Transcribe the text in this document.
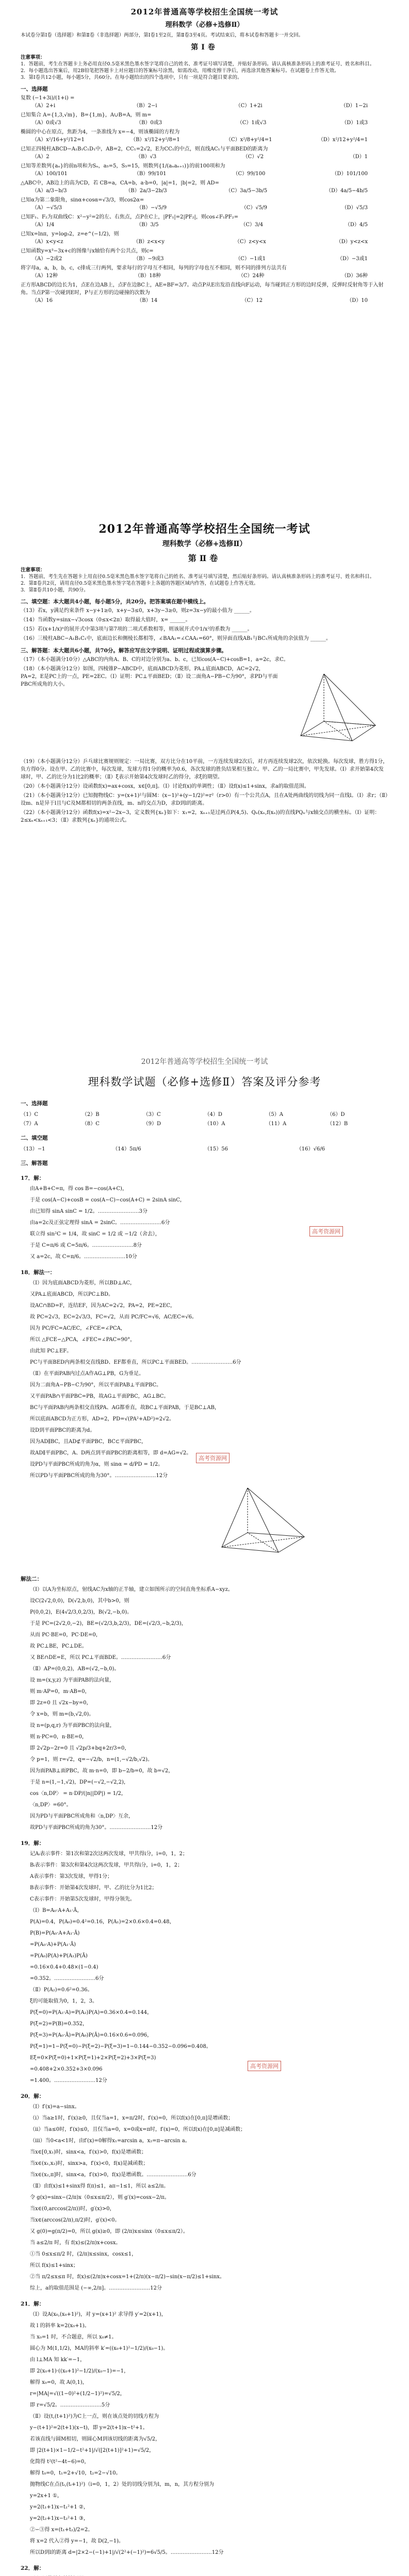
2012年普通高等学校招生全国统一考试
理科数学（必修+选修Ⅱ）
本试卷分第Ⅰ卷（选择题）和第Ⅱ卷（非选择题）两部分，第Ⅰ卷1至2页，第Ⅱ卷3至4页。考试结束后，将本试卷和答题卡一并交回。
第Ⅰ卷
注意事项：
1．答题前，考生在答题卡上务必用直径0.5毫米黑色墨水签字笔将自己的姓名、准考证号填写清楚，并贴好条形码。请认真核准条形码上的准考证号、姓名和科目。
2．每小题选出答案后，用2B铅笔把答题卡上对应题目的答案标号涂黑，如需改动，用橡皮擦干净后，再选涂其他答案标号。在试题卷上作答无效。
3．第Ⅰ卷共12小题，每小题5分，共60分。在每小题给出的四个选项中，只有一项是符合题目要求的。
一、选择题
复数 (−1+3i)/(1+i) =
（A）2+i	（B）2−i	（C）1+2i	（D）1−2i
已知集合 A={1,3,√m}，B={1,m}，A∪B=A，则 m=
（A）0或√3	（B）0或3	（C）1或√3	（D）1或3
椭圆的中心在原点，焦距为4，一条准线为 x=−4，则该椭圆的方程为
（A）x²/16+y²/12=1	（B）x²/12+y²/8=1	（C）x²/8+y²/4=1	（D）x²/12+y²/4=1
已知正四棱柱ABCD−A₁B₁C₁D₁中，AB=2，CC₁=2√2，E为CC₁的中点，则直线AC₁与平面BED的距离为
（A）2	（B）√3	（C）√2	（D）1
已知等差数列{aₙ}的前n项和为Sₙ，a₅=5，S₅=15，则数列{1/(aₙaₙ₊₁)}的前100项和为
（A）100/101	（B）99/101	（C）99/100	（D）101/100
△ABC中，AB边上的高为CD，若 CB=a，CA=b，a·b=0，|a|=1，|b|=2，则 AD=
（A）a/3−b/3	（B）2a/3−2b/3	（C）3a/5−3b/5	（D）4a/5−4b/5
已知α为第二象限角，sinα+cosα=√3/3，则cos2α=
（A）−√5/3	（B）−√5/9	（C）√5/9	（D）√5/3
已知F₁、F₂为双曲线C：x²−y²=2的左、右焦点，点P在C上，|PF₁|=2|PF₂|，则cos∠F₁PF₂=
（A）1/4	（B）3/5	（C）3/4	（D）4/5
已知x=lnπ，y=log₅2，z=e^(−1/2)，则
（A）x<y<z	（B）z<x<y	（C）z<y<x	（D）y<z<x
已知函数y=x³−3x+c的图像与x轴恰有两个公共点，则c=
（A）−2或2	（B）−9或3	（C）−1或1	（D）−3或1
将字母a，a，b，b，c，c排成三行两列，要求每行的字母互不相同，每列的字母也互不相同，则不同的排列方法共有
（A）12种	（B）18种	（C）24种	（D）36种
正方形ABCD的边长为1，点E在边AB上，点F在边BC上，AE=BF=3/7。动点P从E出发沿直线向F运动，每当碰到正方形的边时反弹，反弹时反射角等于入射角。当点P第一次碰到E时，P与正方形的边碰撞的次数为
（A）16	（B）14	（C）12	（D）10
2012年普通高等学校招生全国统一考试
理科数学（必修+选修Ⅱ）
第Ⅱ卷
注意事项：
1．答题前，考生先在答题卡上用直径0.5毫米黑色墨水签字笔将自己的姓名、准考证号填写清楚，然后贴好条形码。请认真核准条形码上的准考证号、姓名和科目。
2．第Ⅱ卷共2页，请用直径0.5毫米黑色墨水签字笔在答题卡上各题的答题区域内作答，在试题卷上作答无效。
3．第Ⅱ卷共10小题，共90分。
二、填空题：本大题共4小题，每小题5分，共20分。把答案填在题中横线上。
（13）若x，y满足约束条件 x−y+1≥0，x+y−3≤0，x+3y−3≥0，则z=3x−y的最小值为 ______。
（14）当函数y=sinx−√3cosx（0≤x<2π）取得最大值时，x= ______。
（15）若(x+1/x)ⁿ的展开式中第3项与第7项的二项式系数相等，则该展开式中1/x²的系数为 ______。
（16）三棱柱ABC−A₁B₁C₁中，底面边长和侧棱长都相等，∠BAA₁=∠CAA₁=60°，则异面直线AB₁与BC₁所成角的余弦值为 ______。
三、解答题：本大题共6小题，共70分。解答应写出文字说明、证明过程或演算步骤。
（17）（本小题满分10分）△ABC的内角A、B、C的对边分别为a、b、c，已知cos(A−C)+cosB=1，a=2c，求C。
（18）（本小题满分12分）如图，四棱锥P−ABCD中，底面ABCD为菱形，PA⊥底面ABCD，AC=2√2，PA=2，E是PC上的一点，PE=2EC。（Ⅰ）证明：PC⊥平面BED；（Ⅱ）设二面角A−PB−C为90°，求PD与平面PBC所成角的大小。
（19）（本小题满分12分）乒乓球比赛规则规定：一局比赛，双方比分在10平前，一方连续发球2次后，对方再连续发球2次，依次轮换。每次发球，胜方得1分，负方得0分。设在甲、乙的比赛中，每次发球，发球方得1分的概率为0.6，各次发球的胜负结果相互独立。甲、乙的一局比赛中，甲先发球。（Ⅰ）求开始第4次发球时，甲、乙的比分为1比2的概率；（Ⅱ）ξ表示开始第4次发球时乙的得分，求ξ的期望。
（20）（本小题满分12分）设函数f(x)=ax+cosx，x∈[0,π]。（Ⅰ）讨论f(x)的单调性；（Ⅱ）设f(x)≤1+sinx，求a的取值范围。
（21）（本小题满分12分）已知抛物线C：y=(x+1)²与圆M：(x−1)²+(y−1/2)²=r²（r>0）有一个公共点A，且在A处两曲线的切线为同一直线l。（Ⅰ）求r；（Ⅱ）设m、n是异于l且与C及M都相切的两条直线，m、n的交点为D，求D到l的距离。
（22）（本小题满分12分）函数f(x)=x²−2x−3，定义数列{xₙ}如下：x₁=2，xₙ₊₁是过两点P(4,5)、Qₙ(xₙ,f(xₙ))的直线PQₙ与x轴交点的横坐标。（Ⅰ）证明：2≤xₙ<xₙ₊₁<3；（Ⅱ）求数列{xₙ}的通项公式。
2012年普通高等学校招生全国统一考试
理科数学试题（必修+选修Ⅱ）答案及评分参考
一、选择题
（1）C	（2）B	（3）C	（4）D	（5）A	（6）D
（7）A	（8）C	（9）D	（10）A	（11）A	（12）B
二、填空题
（13）−1	（14）5π/6	（15）56	（16）√6/6
三、解答题
17．解：
由A+B+C=π，得 cos B=−cos(A+C)，
于是 cos(A−C)+cosB = cos(A−C)−cos(A+C) = 2sinA sinC，
由已知得 sinA sinC = 1/2。……………………3分
由a=2c及正弦定理得 sinA = 2sinC。……………………6分
联立得 sin²C = 1/4，故 sinC = 1/2 或 −1/2（舍去），
于是 C=π/6 或 C=5π/6。……………………8分
又 a=2c，故 C=π/6。……………………10分
18．解法一：
（Ⅰ）因为底面ABCD为菱形，所以BD⊥AC，
又PA⊥底面ABCD，所以PC⊥BD。
设AC∩BD=F，连结EF，因为AC=2√2，PA=2，PE=2EC，
故 PC=2√3，EC=2√3/3，FC=√2，从而 PC/FC=√6，AC/EC=√6。
因为 PC/FC=AC/EC，∠FCE=∠PCA，
所以 △FCE∽△PCA，∠FEC=∠PAC=90°，
由此知 PC⊥EF。
PC与平面BED内两条相交直线BD、EF都垂直，所以PC⊥平面BED。……………………6分
（Ⅱ）在平面PAB内过点A作AG⊥PB，G为垂足。
因为二面角A−PB−C为90°，所以平面PAB⊥平面PBC。
又平面PAB∩平面PBC=PB，故AG⊥平面PBC，AG⊥BC。
BC与平面PAB内两条相交直线PA、AG都垂直，故BC⊥平面PAB，于是BC⊥AB，
所以底面ABCD为正方形，AD=2，PD=√(PA²+AD²)=2√2。
设D到平面PBC的距离为d。
因为AD∥BC，且AD⊄平面PBC，BC⊂平面PBC，
故AD∥平面PBC，A、D两点到平面PBC的距离相等，即 d=AG=√2。
设PD与平面PBC所成的角为α，则 sinα = d/PD = 1/2。
所以PD与平面PBC所成的角为30°。……………………12分
解法二：
（Ⅰ）以A为坐标原点，射线AC为x轴的正半轴，建立如图所示的空间直角坐标系A−xyz。
设C(2√2,0,0)，D(√2,b,0)，其中b>0，则
P(0,0,2)，E(4√2/3,0,2/3)，B(√2,−b,0)。
于是 PC=(2√2,0,−2)，BE=(√2/3,b,2/3)，DE=(√2/3,−b,2/3)，
从而 PC·BE=0，PC·DE=0，
故 PC⊥BE，PC⊥DE。
又 BE∩DE=E，所以 PC⊥平面BDE。……………………6分
（Ⅱ）AP=(0,0,2)，AB=(√2,−b,0)。
设 m=(x,y,z) 为平面PAB的法向量，
则 m·AP=0，m·AB=0，
即 2z=0 且 √2x−by=0，
令 x=b，则 m=(b,√2,0)。
设 n=(p,q,r) 为平面PBC的法向量，
则 n·PC=0，n·BE=0，
即 2√2p−2r=0 且 √2p/3+bq+2r/3=0，
令 p=1，则 r=√2，q=−√2/b，n=(1,−√2/b,√2)。
因为面PAB⊥面PBC，故 m·n=0，即 b−2/b=0，故 b=√2，
于是 n=(1,−1,√2)，DP=(−√2,−√2,2)，
cos〈n,DP〉 = n·DP/(|n||DP|) = 1/2，
〈n,DP〉=60°。
因为PD与平面PBC所成角和〈n,DP〉互余，
故PD与平面PBC所成的角为30°。……………………12分
19．解：
记Aᵢ表示事件：第1次和第2次这两次发球，甲共得i分，i=0，1，2；
Bᵢ表示事件：第3次和第4次这两次发球，甲共得i分，i=0，1，2；
A表示事件：第3次发球，甲得1分；
B表示事件：开始第4次发球时，甲、乙的比分为1比2；
C表示事件：开始第5次发球时，甲得分领先。
（Ⅰ）B=A₀·A+A₁·Ā，
P(A)=0.4，P(A₀)=0.4²=0.16，P(A₁)=2×0.6×0.4=0.48，
P(B)=P(A₀·A+A₁·Ā)
=P(A₀·A)+P(A₁·Ā)
=P(A₀)P(A)+P(A₁)P(Ā)
=0.16×0.4+0.48×(1−0.4)
=0.352。……………………6分
（Ⅱ）P(A₂)=0.6²=0.36。
ξ的可能取值为0，1，2，3。
P(ξ=0)=P(A₂·A)=P(A₂)P(A)=0.36×0.4=0.144，
P(ξ=2)=P(B)=0.352，
P(ξ=3)=P(A₀·Ā)=P(A₀)P(Ā)=0.16×0.6=0.096，
P(ξ=1)=1−P(ξ=0)−P(ξ=2)−P(ξ=3)=1−0.144−0.352−0.096=0.408。
Eξ=0×P(ξ=0)+1×P(ξ=1)+2×P(ξ=2)+3×P(ξ=3)
=0.408+2×0.352+3×0.096
=1.400。……………………12分
20．解：
（Ⅰ）f′(x)=a−sinx。
（ⅰ）当a≥1时，f′(x)≥0，且仅当a=1，x=π/2时，f′(x)=0，所以f(x)在[0,π]是增函数；
（ⅱ）当a≤0时，f′(x)≤0，且仅当a=0，x=0或x=π时，f′(x)=0，所以f(x)在[0,π]是减函数；
（ⅲ）当0<a<1时，由f′(x)=0解得x₁=arcsin a，x₂=π−arcsin a。
当x∈[0,x₁)时，sinx<a，f′(x)>0，f(x)是增函数；
当x∈(x₁,x₂)时，sinx>a，f′(x)<0，f(x)是减函数；
当x∈(x₂,π]时，sinx<a，f′(x)>0，f(x)是增函数。……………………6分
（Ⅱ）由f(x)≤1+sinx得 f(π)≤1，aπ−1≤1，所以 a≤2/π。
令 g(x)=sinx−(2/π)x（0≤x≤π/2），则 g′(x)=cosx−2/π。
当x∈(0,arccos(2/π))时，g′(x)>0，
当x∈(arccos(2/π),π/2)时，g′(x)<0。
又 g(0)=g(π/2)=0，所以 g(x)≥0，即 (2/π)x≤sinx（0≤x≤π/2）。
当 a≤2/π 时，有 f(x)≤(2/π)x+cosx。
①当 0≤x≤π/2 时，(2/π)x≤sinx，cosx≤1，
所以 f(x)≤1+sinx；
②当 π/2≤x≤π 时，f(x)≤(2/π)x+cosx=1+(2/π)(x−π/2)−sin(x−π/2)≤1+sinx。
综上，a的取值范围是 (−∞,2/π]。……………………12分
21．解：
（Ⅰ）设A(x₀,(x₀+1)²)，对 y=(x+1)² 求导得 y′=2(x+1)，
故 l 的斜率 k=2(x₀+1)。
当 x₀=1 时，不合题意，所以 x₀≠1。
圆心为 M(1,1/2)，MA的斜率 k′=((x₀+1)²−1/2)/(x₀−1)。
由 l⊥MA 知 kk′=−1，
即 2(x₀+1)·((x₀+1)²−1/2)/(x₀−1)=−1，
解得 x₀=0，故 A(0,1)，
r=|MA|=√((1−0)²+(1/2−1)²)=√5/2，
即 r=√5/2。……………………5分
（Ⅱ）设(t,(t+1)²)为C上一点，则在该点处的切线方程为
y−(t+1)²=2(t+1)(x−t)，即 y=2(t+1)x−t²+1。
若该直线与圆M相切，则圆心M到该切线的距离为√5/2，
即 |2(t+1)×1−1/2−t²+1|/√([2(t+1)]²+1)=√5/2，
化简得 t²(t²−4t−6)=0，
解得 t₀=0，t₁=2+√10，t₂=2−√10。
抛物线C在点(tᵢ,(tᵢ+1)²)（i=0，1，2）处的切线分别为l，m，n，其方程分别为
y=2x+1 ①，
y=2(t₁+1)x−t₁²+1 ②，
y=2(t₂+1)x−t₂²+1 ③，
②−③得 x=(t₁+t₂)/2=2。
将 x=2 代入②得 y=−1，故 D(2,−1)。
所以D到l的距离 d=|2×2−(−1)+1|/√(2²+(−1)²)=6√5/5。……………………12分
22．解：
高考资源网
高考资源网
高考资源网
